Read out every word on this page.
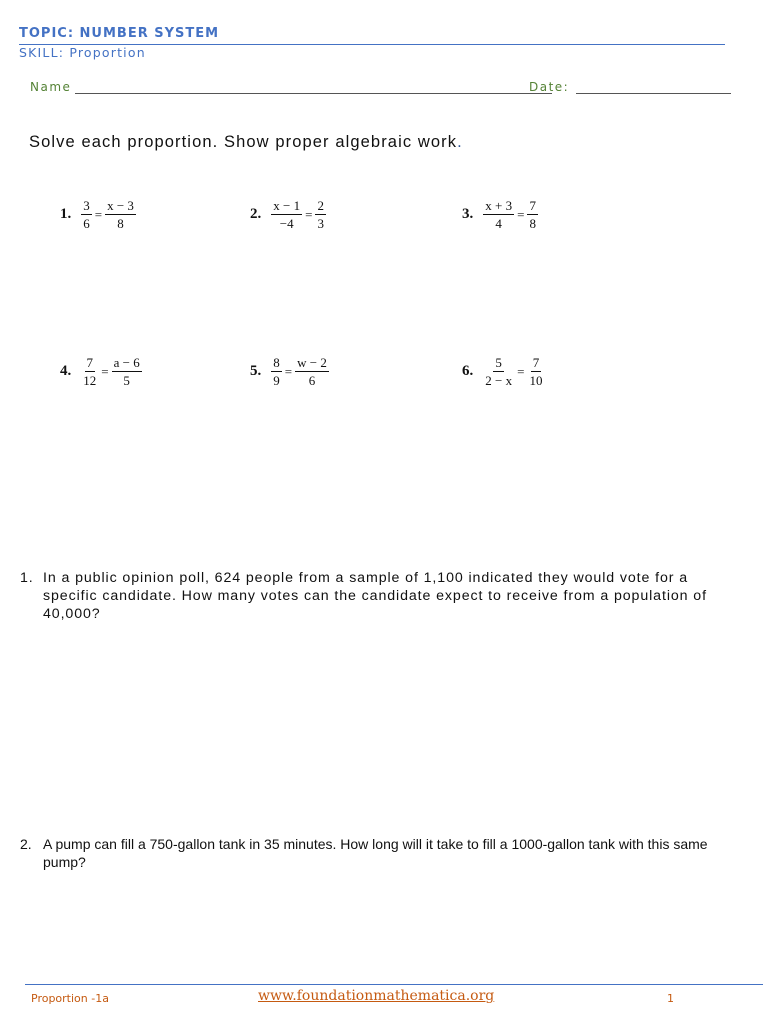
TOPIC: NUMBER SYSTEM
SKILL: Proportion
Name	Date:
Solve each proportion. Show proper algebraic work.
1. $\frac{3}{6} = \frac{x - 3}{8}$	2. $\frac{x - 1}{-4} = \frac{2}{3}$	3. $\frac{x + 3}{4} = \frac{7}{8}$
4. $\frac{7}{12} = \frac{a - 6}{5}$	5. $\frac{8}{9} = \frac{w - 2}{6}$	6. $\frac{5}{2 - x} = \frac{7}{10}$
1. In a public opinion poll, 624 people from a sample of 1,100 indicated they would vote for a specific candidate. How many votes can the candidate expect to receive from a population of 40,000?
2. A pump can fill a 750-gallon tank in 35 minutes. How long will it take to fill a 1000-gallon tank with this same pump?
Proportion -1a	www.foundationmathematica.org	1
